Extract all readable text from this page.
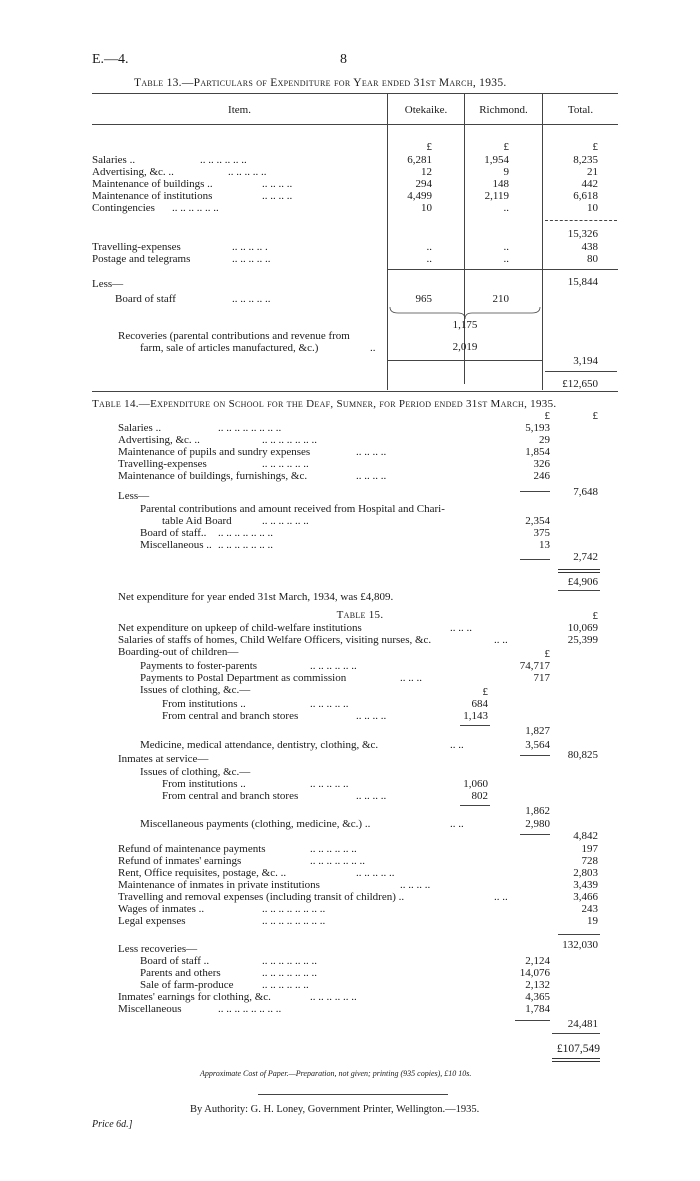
E.—4.	8
Table 13.—Particulars of Expenditure for Year ended 31st March, 1935.
Item.	Otekaike.	Richmond.	Total.
£	£	£
Salaries ..	.. .. .. .. .. ..	6,281	1,954	8,235
Advertising, &c. ..	.. .. .. .. ..	12	9	21
Maintenance of buildings ..	.. .. .. ..	294	148	442
Maintenance of institutions	.. .. .. ..	4,499	2,119	6,618
Contingencies .. .. .. .. .. ..	10	..	10
15,326
Travelling-expenses	.. .. .. .. .	..	..	438
Postage and telegrams	.. .. .. .. ..	..	..	80
Less—	15,844
Board of staff	.. .. .. .. ..	965	210
1,175
Recoveries (parental contributions and revenue from
farm, sale of articles manufactured, &c.)	..	2,019
3,194
£12,650
Table 14.—Expenditure on School for the Deaf, Sumner, for Period ended 31st March, 1935.
£	£
Salaries ..	.. .. .. .. .. .. .. ..	5,193
Advertising, &c. ..	.. .. .. .. .. .. ..	29
Maintenance of pupils and sundry expenses	.. .. .. ..	1,854
Travelling-expenses	.. .. .. .. .. ..	326
Maintenance of buildings, furnishings, &c.	.. .. .. ..	246
7,648
Less—
Parental contributions and amount received from Hospital and Chari-
table Aid Board	.. .. .. .. .. ..	2,354
Board of staff.. .. .. .. .. .. .. ..	375
Miscellaneous .. .. .. .. .. .. .. ..	13
2,742
£4,906
Net expenditure for year ended 31st March, 1934, was £4,809.
Table 15.	£
Net expenditure on upkeep of child-welfare institutions	.. .. ..	10,069
Salaries of staffs of homes, Child Welfare Officers, visiting nurses, &c.	.. ..	25,399
Boarding-out of children—	£
Payments to foster-parents	.. .. .. .. .. ..	74,717
Payments to Postal Department as commission	.. .. ..	717
Issues of clothing, &c.—	£
From institutions ..	.. .. .. .. ..	684
From central and branch stores	.. .. .. ..	1,143
1,827
Medicine, medical attendance, dentistry, clothing, &c.	.. ..	3,564
80,825
Inmates at service—
Issues of clothing, &c.—
From institutions ..	.. .. .. .. ..	1,060
From central and branch stores	.. .. .. ..	802
1,862
Miscellaneous payments (clothing, medicine, &c.) ..	.. ..	2,980
4,842
Refund of maintenance payments	.. .. .. .. .. ..	197
Refund of inmates' earnings	.. .. .. .. .. .. ..	728
Rent, Office requisites, postage, &c. ..	.. .. .. .. ..	2,803
Maintenance of inmates in private institutions	.. .. .. ..	3,439
Travelling and removal expenses (including transit of children) ..	.. ..	3,466
Wages of inmates ..	.. .. .. .. .. .. .. ..	243
Legal expenses	.. .. .. .. .. .. .. ..	19
132,030
Less recoveries—
Board of staff ..	.. .. .. .. .. .. ..	2,124
Parents and others	.. .. .. .. .. .. ..	14,076
Sale of farm-produce	.. .. .. .. .. ..	2,132
Inmates' earnings for clothing, &c.	.. .. .. .. .. ..	4,365
Miscellaneous	.. .. .. .. .. .. .. ..	1,784
24,481
£107,549
Approximate Cost of Paper.—Preparation, not given; printing (935 copies), £10 10s.
By Authority: G. H. Loney, Government Printer, Wellington.—1935.
Price 6d.]
